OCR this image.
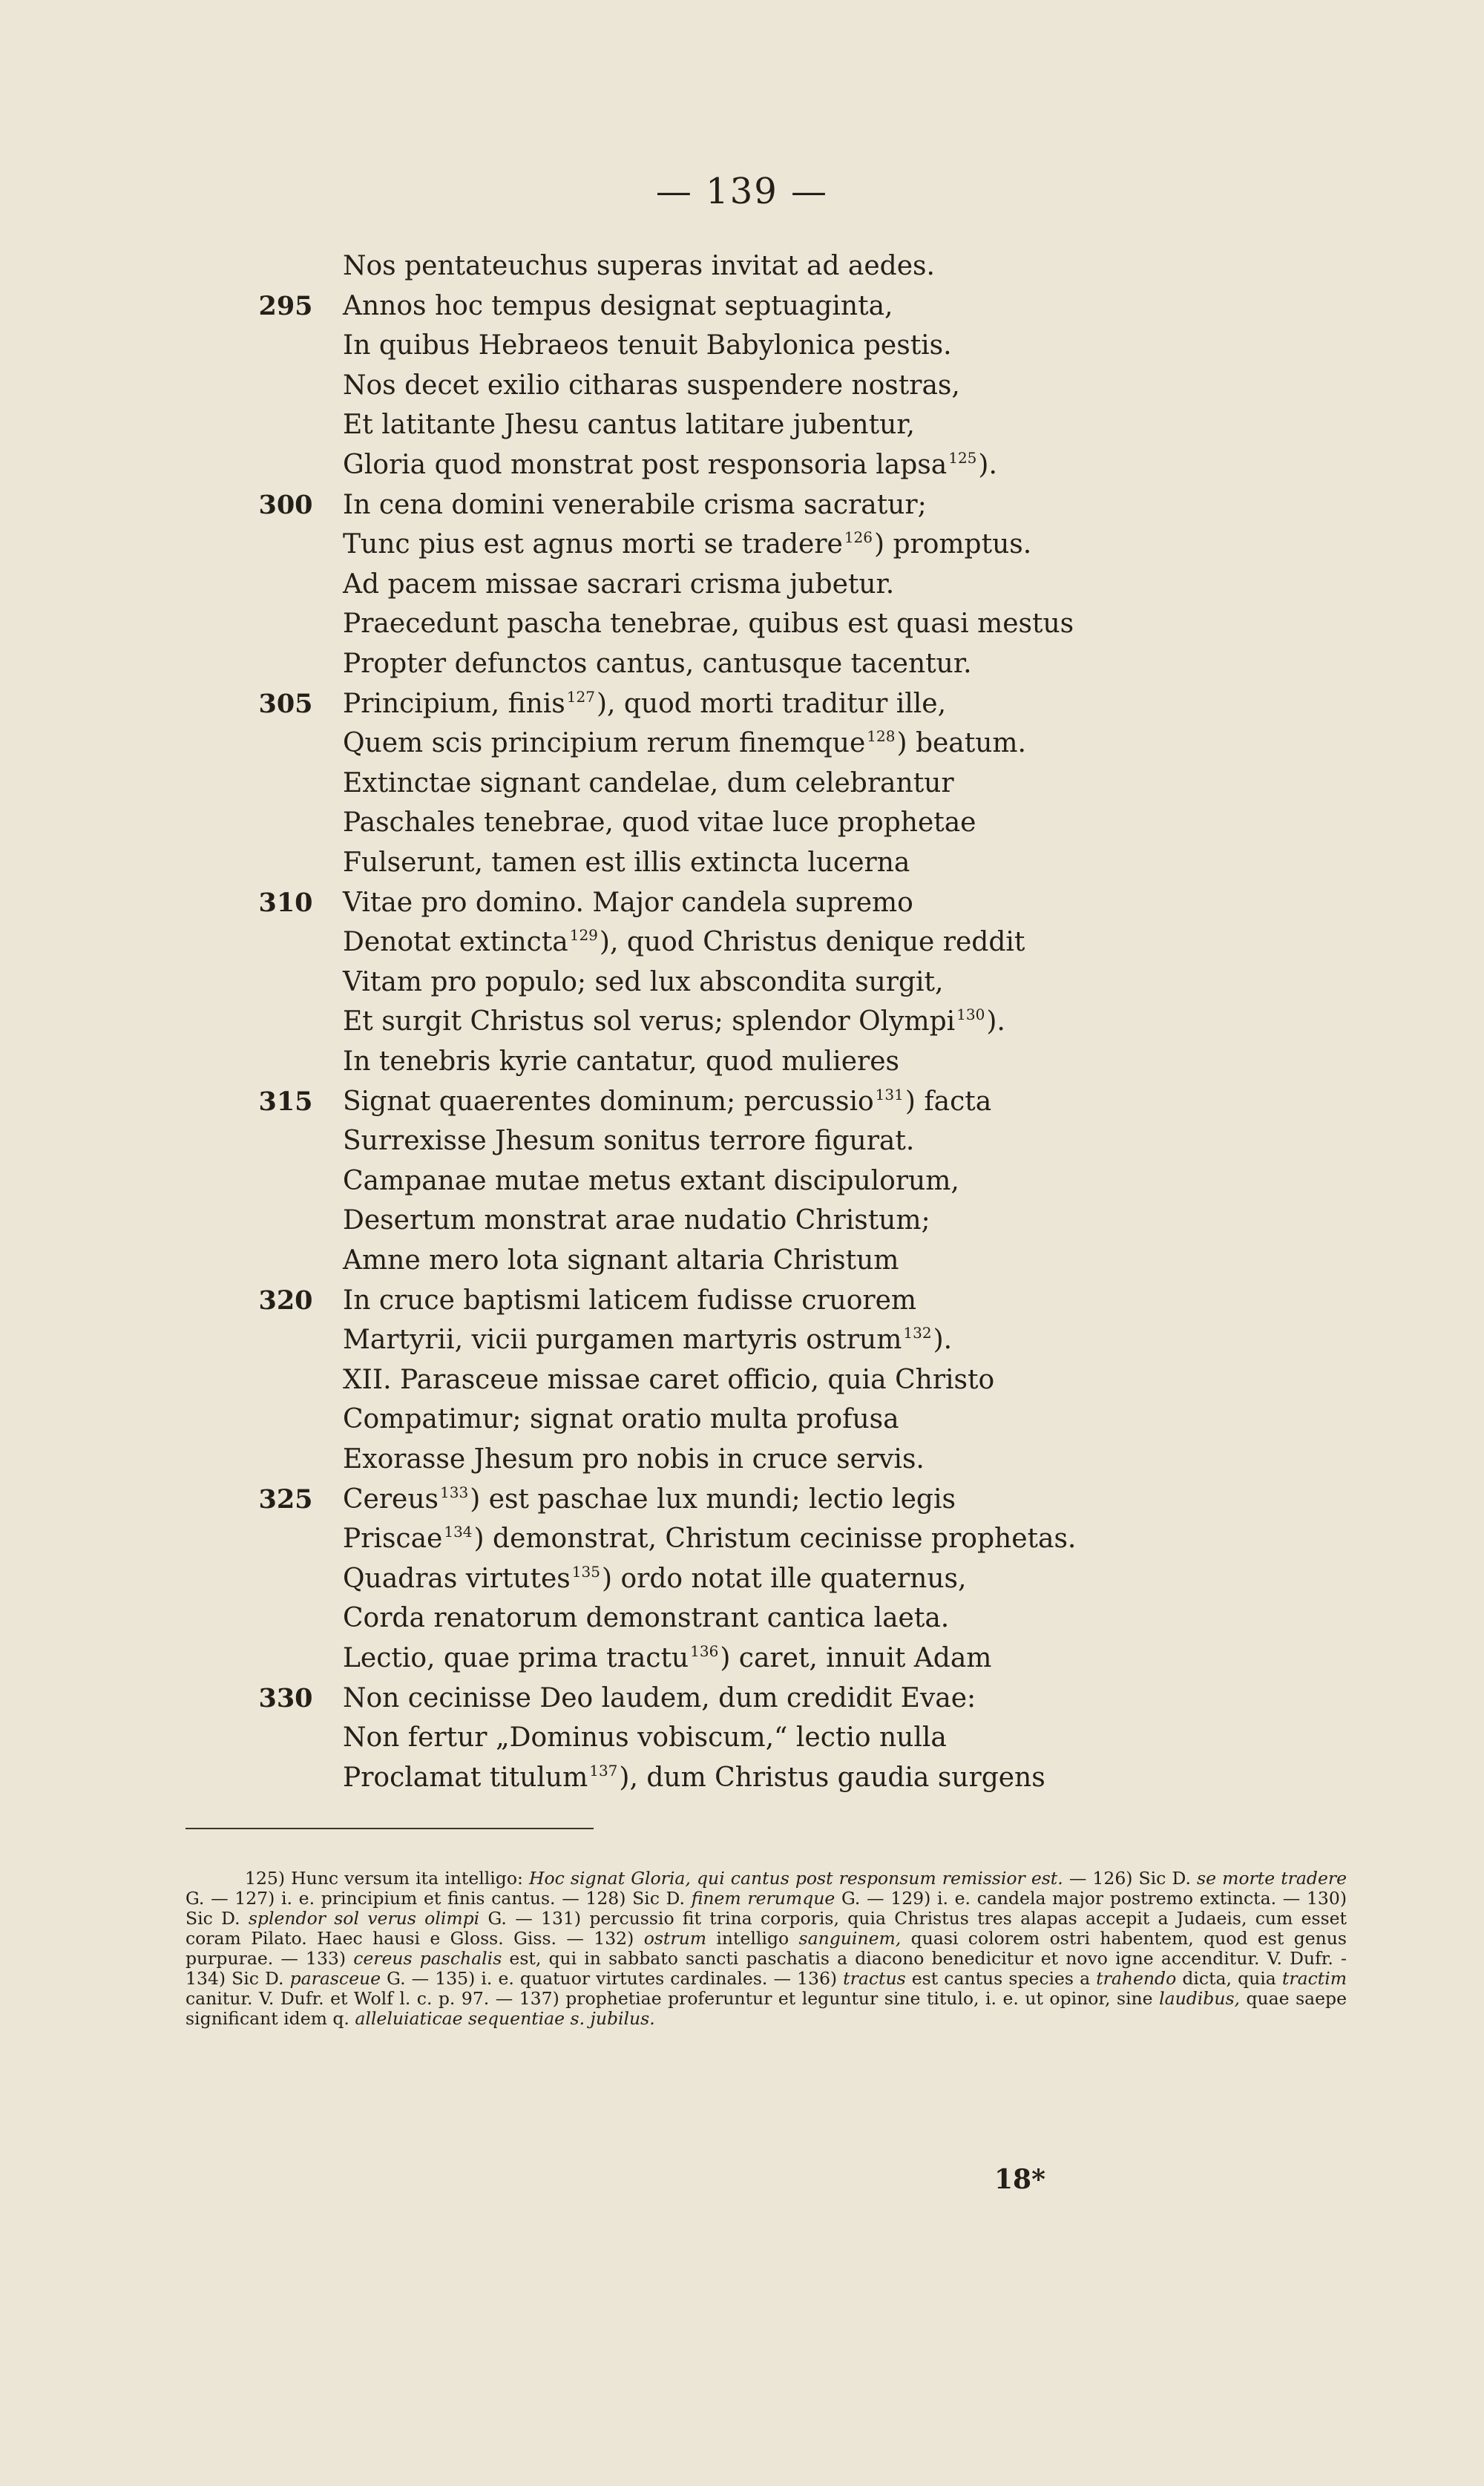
— 139 —
Nos pentateuchus superas invitat ad aedes.
295	Annos hoc tempus designat septuaginta,
In quibus Hebraeos tenuit Babylonica pestis.
Nos decet exilio citharas suspendere nostras,
Et latitante Jhesu cantus latitare jubentur,
Gloria quod monstrat post responsoria lapsa $^{125}$).
300	In cena domini venerabile crisma sacratur;
Tunc pius est agnus morti se tradere $^{126}$) promptus.
Ad pacem missae sacrari crisma jubetur.
Praecedunt pascha tenebrae, quibus est quasi mestus
Propter defunctos cantus, cantusque tacentur.
305	Principium, finis $^{127}$), quod morti traditur ille,
Quem scis principium rerum finemque $^{128}$) beatum.
Extinctae signant candelae, dum celebrantur
Paschales tenebrae, quod vitae luce prophetae
Fulserunt, tamen est illis extincta lucerna
310	Vitae pro domino. Major candela supremo
Denotat extincta $^{129}$), quod Christus denique reddit
Vitam pro populo; sed lux abscondita surgit,
Et surgit Christus sol verus; splendor Olympi $^{130}$).
In tenebris kyrie cantatur, quod mulieres
315	Signat quaerentes dominum; percussio $^{131}$) facta
Surrexisse Jhesum sonitus terrore figurat.
Campanae mutae metus extant discipulorum,
Desertum monstrat arae nudatio Christum;
Amne mero lota signant altaria Christum
320	In cruce baptismi laticem fudisse cruorem
Martyrii, vicii purgamen martyris ostrum $^{132}$).
XII. Parasceue missae caret officio, quia Christo
Compatimur; signat oratio multa profusa
Exorasse Jhesum pro nobis in cruce servis.
325	Cereus $^{133}$) est paschae lux mundi; lectio legis
Priscae $^{134}$) demonstrat, Christum cecinisse prophetas.
Quadras virtutes $^{135}$) ordo notat ille quaternus,
Corda renatorum demonstrant cantica laeta.
Lectio, quae prima tractu $^{136}$) caret, innuit Adam
330	Non cecinisse Deo laudem, dum credidit Evae:
Non fertur „Dominus vobiscum,“ lectio nulla
Proclamat titulum $^{137}$), dum Christus gaudia surgens
125) Hunc versum ita intelligo: Hoc signat Gloria, qui cantus post responsum remissior est. — 126) Sic D. se morte tradere G. — 127) i. e. principium et finis cantus. — 128) Sic D. finem rerumque G. — 129) i. e. candela major postremo extincta. — 130) Sic D. splendor sol verus olimpi G. — 131) percussio fit trina corporis, quia Christus tres alapas accepit a Judaeis, cum esset coram Pilato. Haec hausi e Gloss. Giss. — 132) ostrum intelligo sanguinem, quasi colorem ostri habentem, quod est genus purpurae. — 133) cereus paschalis est, qui in sabbato sancti paschatis a diacono benedicitur et novo igne accenditur. V. Dufr. - 134) Sic D. parasceue G. — 135) i. e. quatuor virtutes cardinales. — 136) tractus est cantus species a trahendo dicta, quia tractim canitur. V. Dufr. et Wolf l. c. p. 97. — 137) prophetiae proferuntur et leguntur sine titulo, i. e. ut opinor, sine laudibus, quae saepe significant idem q. alleluiaticae sequentiae s. jubilus.
18*
